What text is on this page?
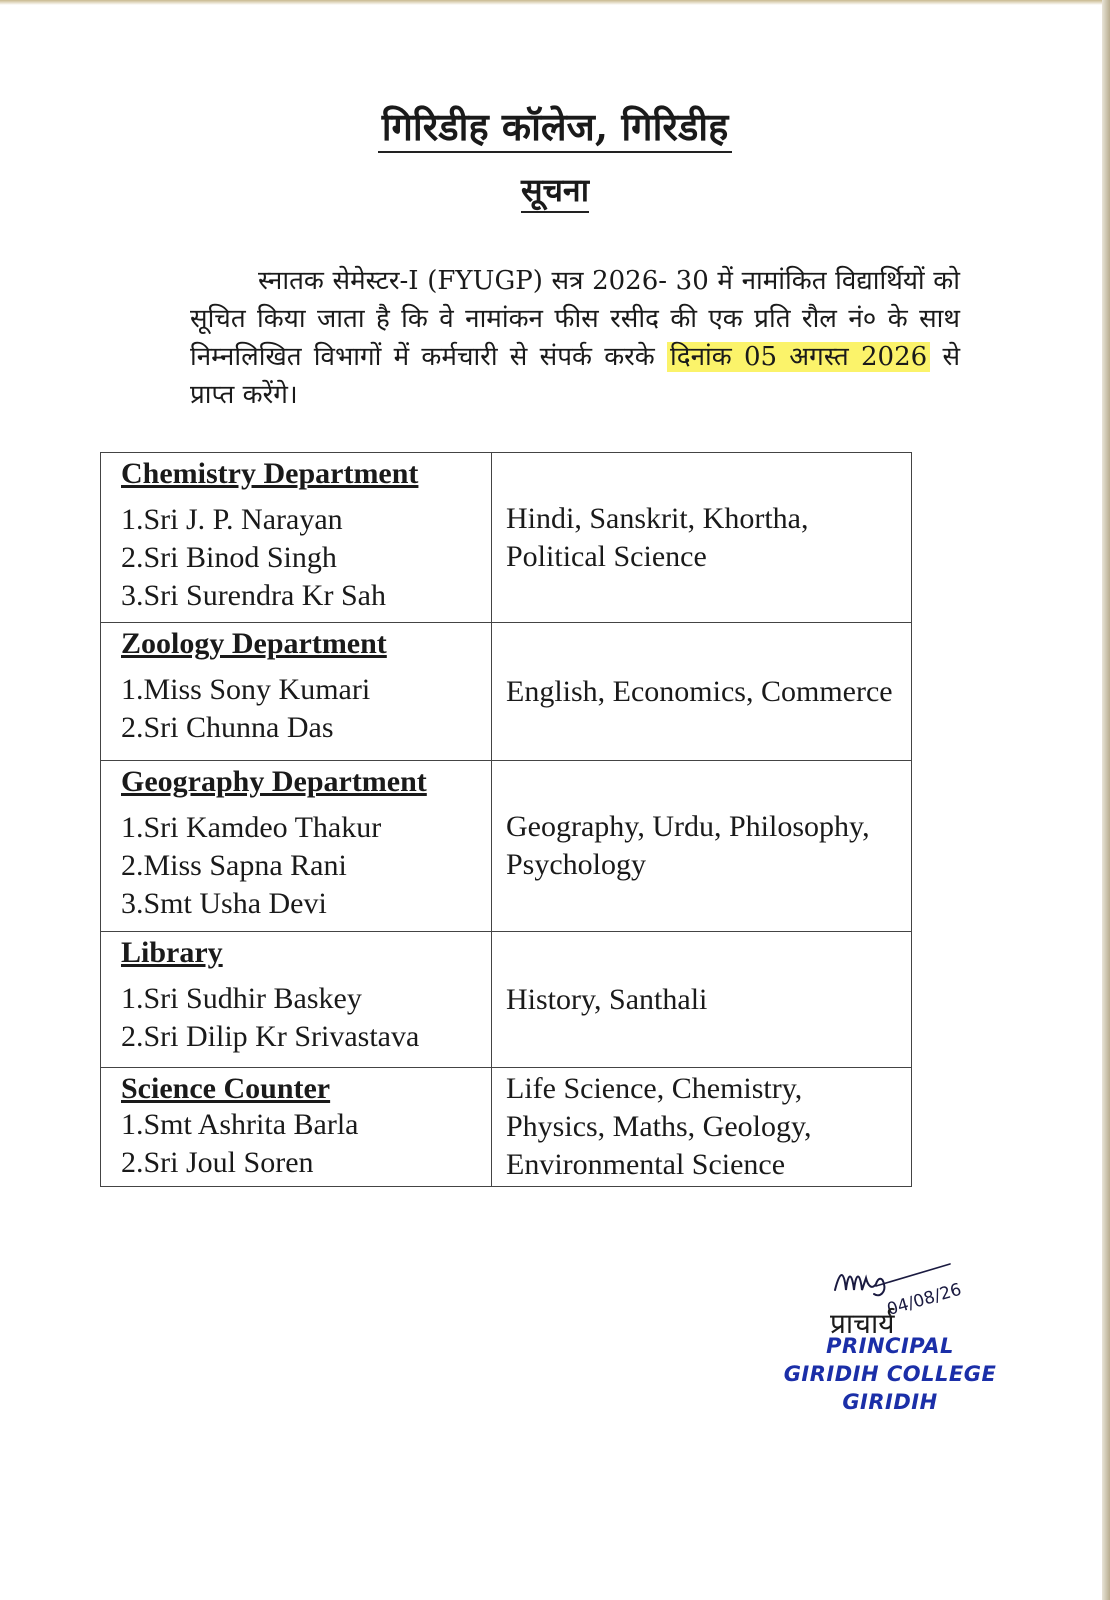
गिरिडीह कॉलेज, गिरिडीह
सूचना
स्नातक सेमेस्टर-I (FYUGP) सत्र 2026- 30 में नामांकित विद्यार्थियों को सूचित किया जाता है कि वे नामांकन फीस रसीद की एक प्रति रौल नं० के साथ निम्नलिखित विभागों में कर्मचारी से संपर्क करके दिनांक 05 अगस्त 2026 से प्राप्त करेंगे।
Chemistry Department
1.Sri J. P. Narayan
2.Sri Binod Singh
3.Sri Surendra Kr Sah	Hindi, Sanskrit, Khortha, Political Science

Zoology Department
1.Miss Sony Kumari
2.Sri Chunna Das	English, Economics, Commerce

Geography Department
1.Sri Kamdeo Thakur
2.Miss Sapna Rani
3.Smt Usha Devi	Geography, Urdu, Philosophy, Psychology

Library
1.Sri Sudhir Baskey
2.Sri Dilip Kr Srivastava	History, Santhali

Science Counter
1.Smt Ashrita Barla
2.Sri Joul Soren	Life Science, Chemistry, Physics, Maths, Geology, Environmental Science
04/08/26
प्राचार्य
PRINCIPAL
GIRIDIH COLLEGE
GIRIDIH
